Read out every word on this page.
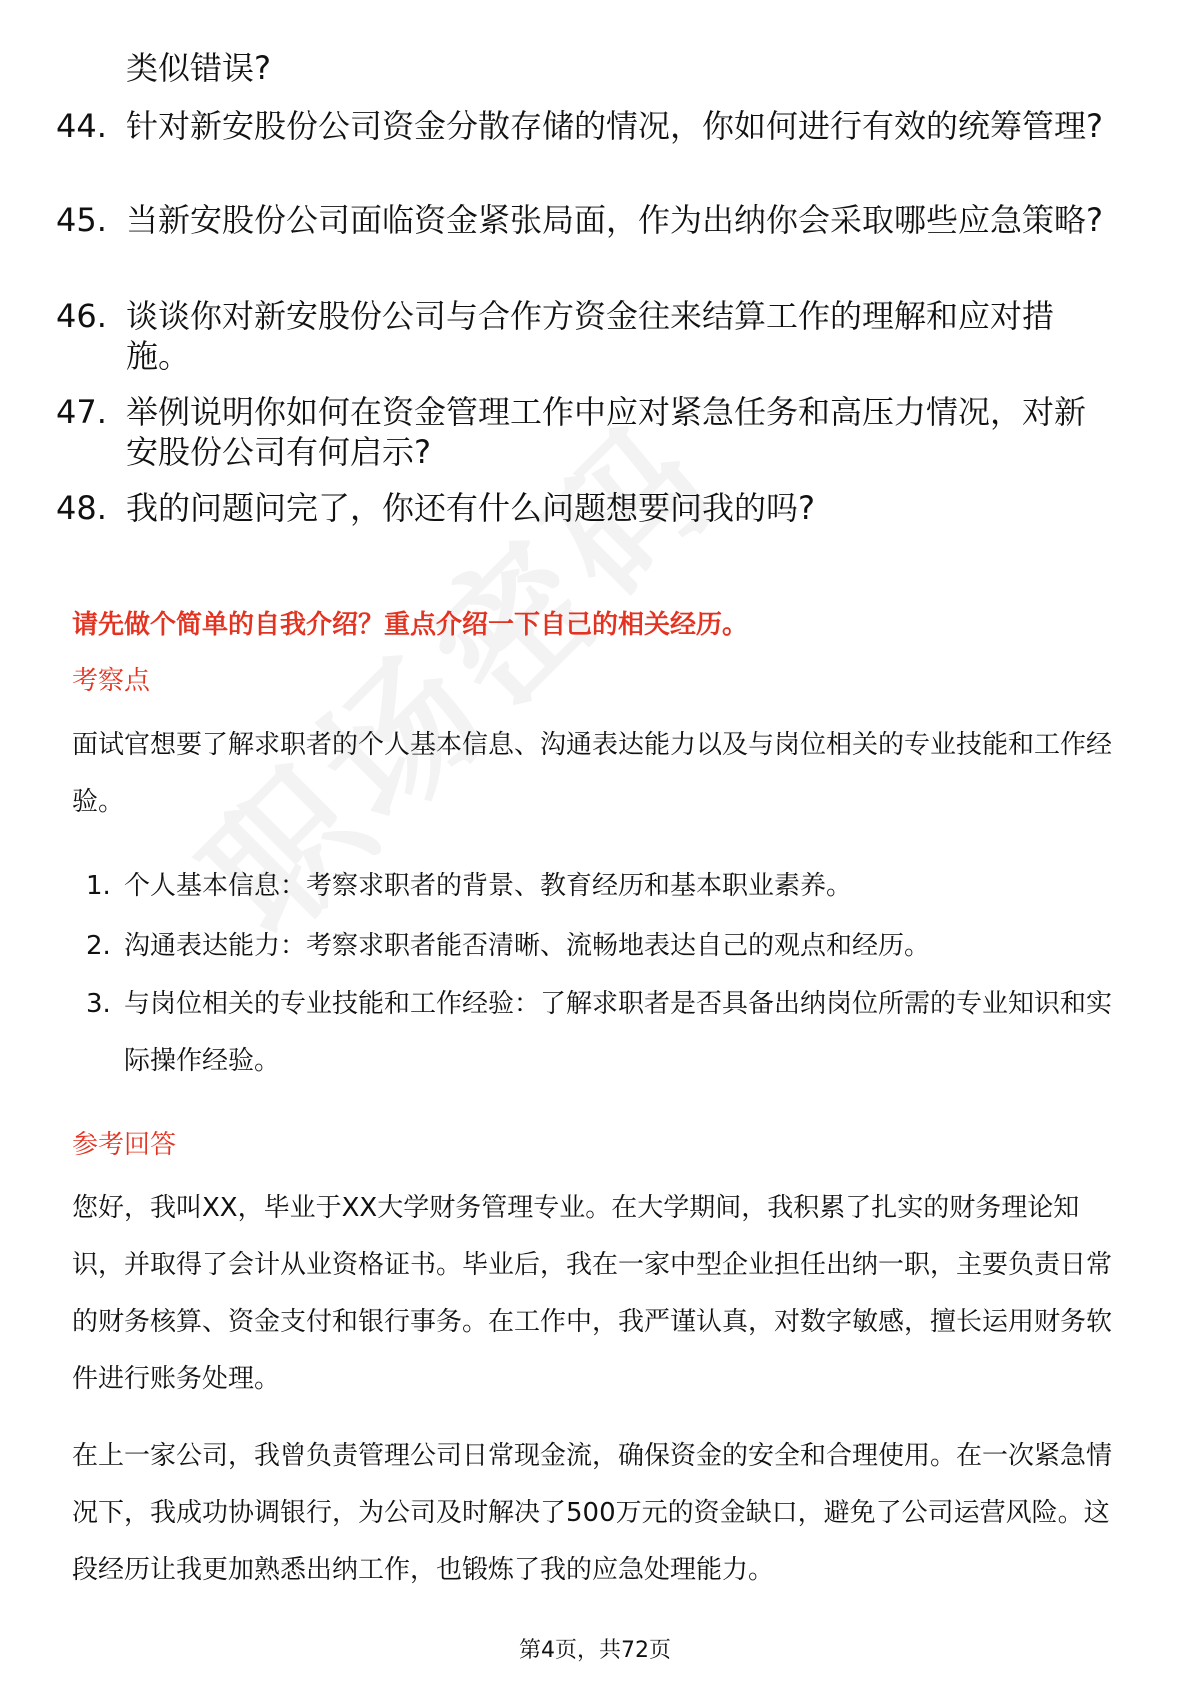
类似错误?
44. 针对新安股份公司资金分散存储的情况，你如何进行有效的统筹管理?
45. 当新安股份公司面临资金紧张局面，作为出纳你会采取哪些应急策略?
46. 谈谈你对新安股份公司与合作方资金往来结算工作的理解和应对措施。
47. 举例说明你如何在资金管理工作中应对紧急任务和高压力情况，对新安股份公司有何启示?
48. 我的问题问完了，你还有什么问题想要问我的吗?
请先做个简单的自我介绍？重点介绍一下自己的相关经历。
考察点
面试官想要了解求职者的个人基本信息、沟通表达能力以及与岗位相关的专业技能和工作经验。
1. 个人基本信息：考察求职者的背景、教育经历和基本职业素养。
2. 沟通表达能力：考察求职者能否清晰、流畅地表达自己的观点和经历。
3. 与岗位相关的专业技能和工作经验：了解求职者是否具备出纳岗位所需的专业知识和实际操作经验。
参考回答
您好，我叫XX，毕业于XX大学财务管理专业。在大学期间，我积累了扎实的财务理论知识，并取得了会计从业资格证书。毕业后，我在一家中型企业担任出纳一职，主要负责日常的财务核算、资金支付和银行事务。在工作中，我严谨认真，对数字敏感，擅长运用财务软件进行账务处理。
在上一家公司，我曾负责管理公司日常现金流，确保资金的安全和合理使用。在一次紧急情况下，我成功协调银行，为公司及时解决了500万元的资金缺口，避免了公司运营风险。这段经历让我更加熟悉出纳工作，也锻炼了我的应急处理能力。
第4页，共72页
